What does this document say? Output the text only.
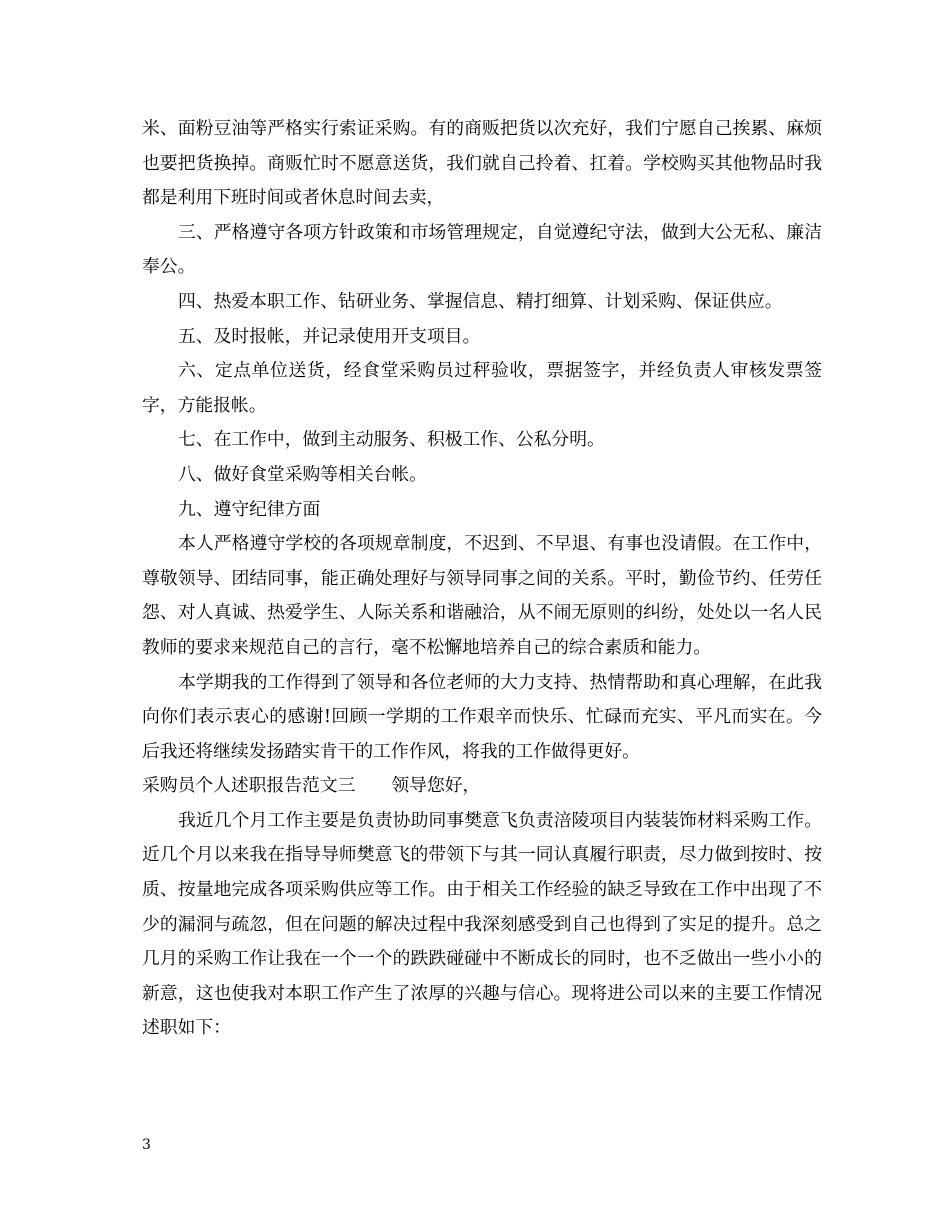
米、面粉豆油等严格实行索证采购。有的商贩把货以次充好，我们宁愿自己挨累、麻烦也要把货换掉。商贩忙时不愿意送货，我们就自己拎着、扛着。学校购买其他物品时我都是利用下班时间或者休息时间去卖，

三、严格遵守各项方针政策和市场管理规定，自觉遵纪守法，做到大公无私、廉洁奉公。

四、热爱本职工作、钻研业务、掌握信息、精打细算、计划采购、保证供应。

五、及时报帐，并记录使用开支项目。

六、定点单位送货，经食堂采购员过秤验收，票据签字，并经负责人审核发票签字，方能报帐。

七、在工作中，做到主动服务、积极工作、公私分明。

八、做好食堂采购等相关台帐。

九、遵守纪律方面

本人严格遵守学校的各项规章制度，不迟到、不早退、有事也没请假。在工作中，尊敬领导、团结同事，能正确处理好与领导同事之间的关系。平时，勤俭节约、任劳任怨、对人真诚、热爱学生、人际关系和谐融洽，从不闹无原则的纠纷，处处以一名人民教师的要求来规范自己的言行，毫不松懈地培养自己的综合素质和能力。

本学期我的工作得到了领导和各位老师的大力支持、热情帮助和真心理解，在此我向你们表示衷心的感谢!回顾一学期的工作艰辛而快乐、忙碌而充实、平凡而实在。今后我还将继续发扬踏实肯干的工作作风，将我的工作做得更好。

采购员个人述职报告范文三 领导您好，

我近几个月工作主要是负责协助同事樊意飞负责涪陵项目内装装饰材料采购工作。近几个月以来我在指导导师樊意飞的带领下与其一同认真履行职责，尽力做到按时、按质、按量地完成各项采购供应等工作。由于相关工作经验的缺乏导致在工作中出现了不少的漏洞与疏忽，但在问题的解决过程中我深刻感受到自己也得到了实足的提升。总之几月的采购工作让我在一个一个的跌跌碰碰中不断成长的同时，也不乏做出一些小小的新意，这也使我对本职工作产生了浓厚的兴趣与信心。现将进公司以来的主要工作情况述职如下：

3
